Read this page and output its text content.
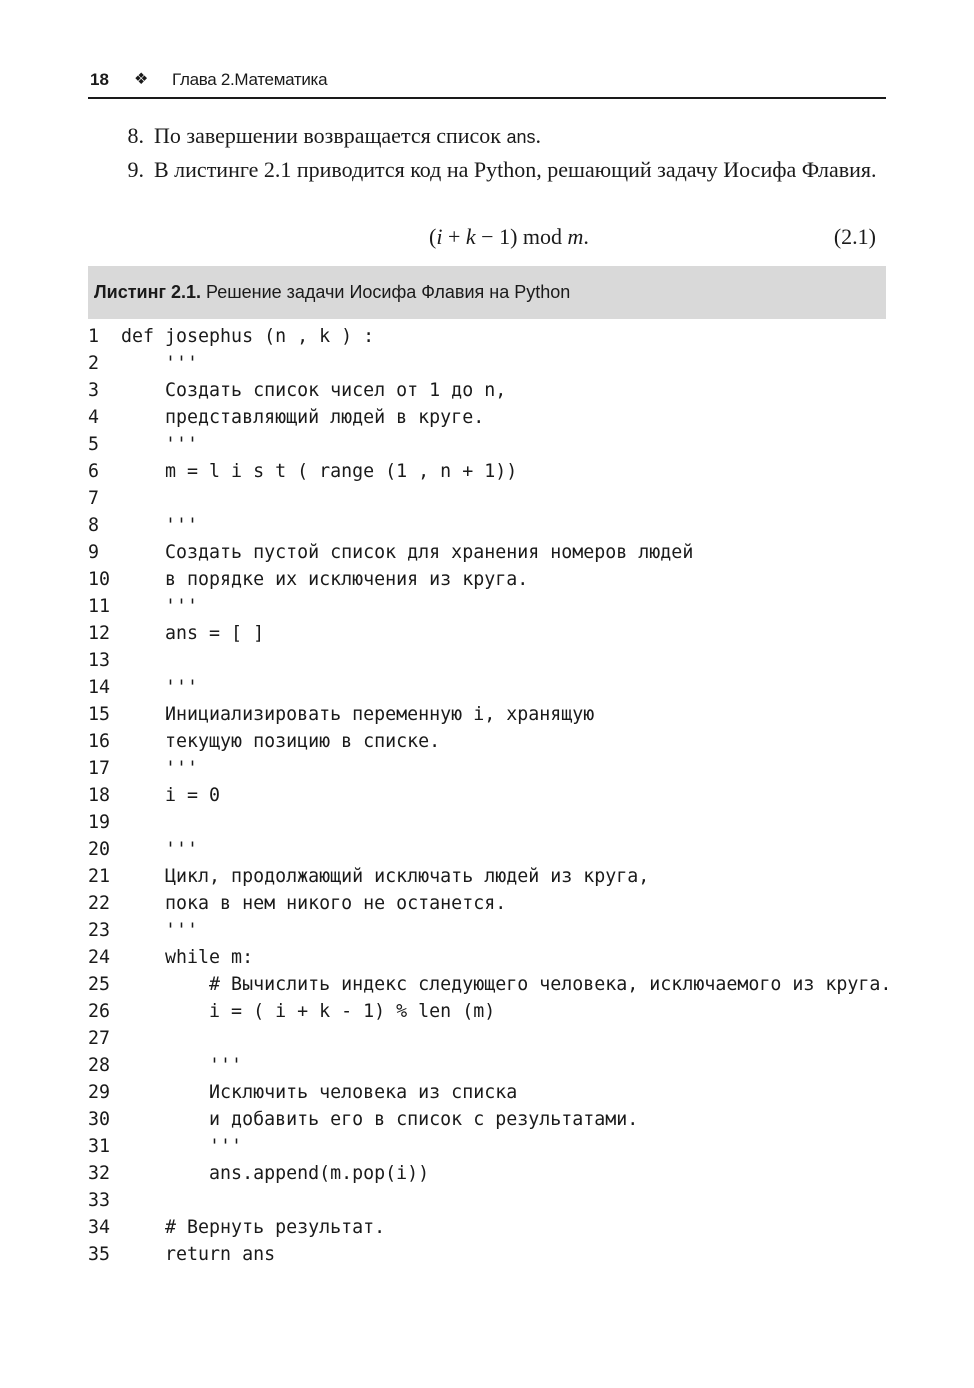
18 ❖ Глава 2.Математика
8. По завершении возвращается список ans.
9. В листинге 2.1 приводится код на Python, решающий задачу Иосифа Флавия.
(i + k − 1) mod m.	(2.1)
Листинг 2.1. Решение задачи Иосифа Флавия на Python
1	def josephus (n , k ) :
2	'''
3	Создать список чисел от 1 до n,
4	представляющий людей в круге.
5	'''
6	m = l i s t ( range (1 , n + 1))
7
8	'''
9	Создать пустой список для хранения номеров людей
10 в порядке их исключения из круга.
11 '''
12 ans = [ ]
13
14 '''
15 Инициализировать переменную i, хранящую
16 текущую позицию в списке.
17 '''
18 i = 0
19
20 '''
21 Цикл, продолжающий исключать людей из круга,
22 пока в нем никого не останется.
23 '''
24 while m:
25 # Вычислить индекс следующего человека, исключаемого из круга.
26 i = ( i + k - 1) % len (m)
27
28 '''
29 Исключить человека из списка
30 и добавить его в список с результатами.
31 '''
32 ans.append(m.pop(i))
33
34 # Вернуть результат.
35 return ans
